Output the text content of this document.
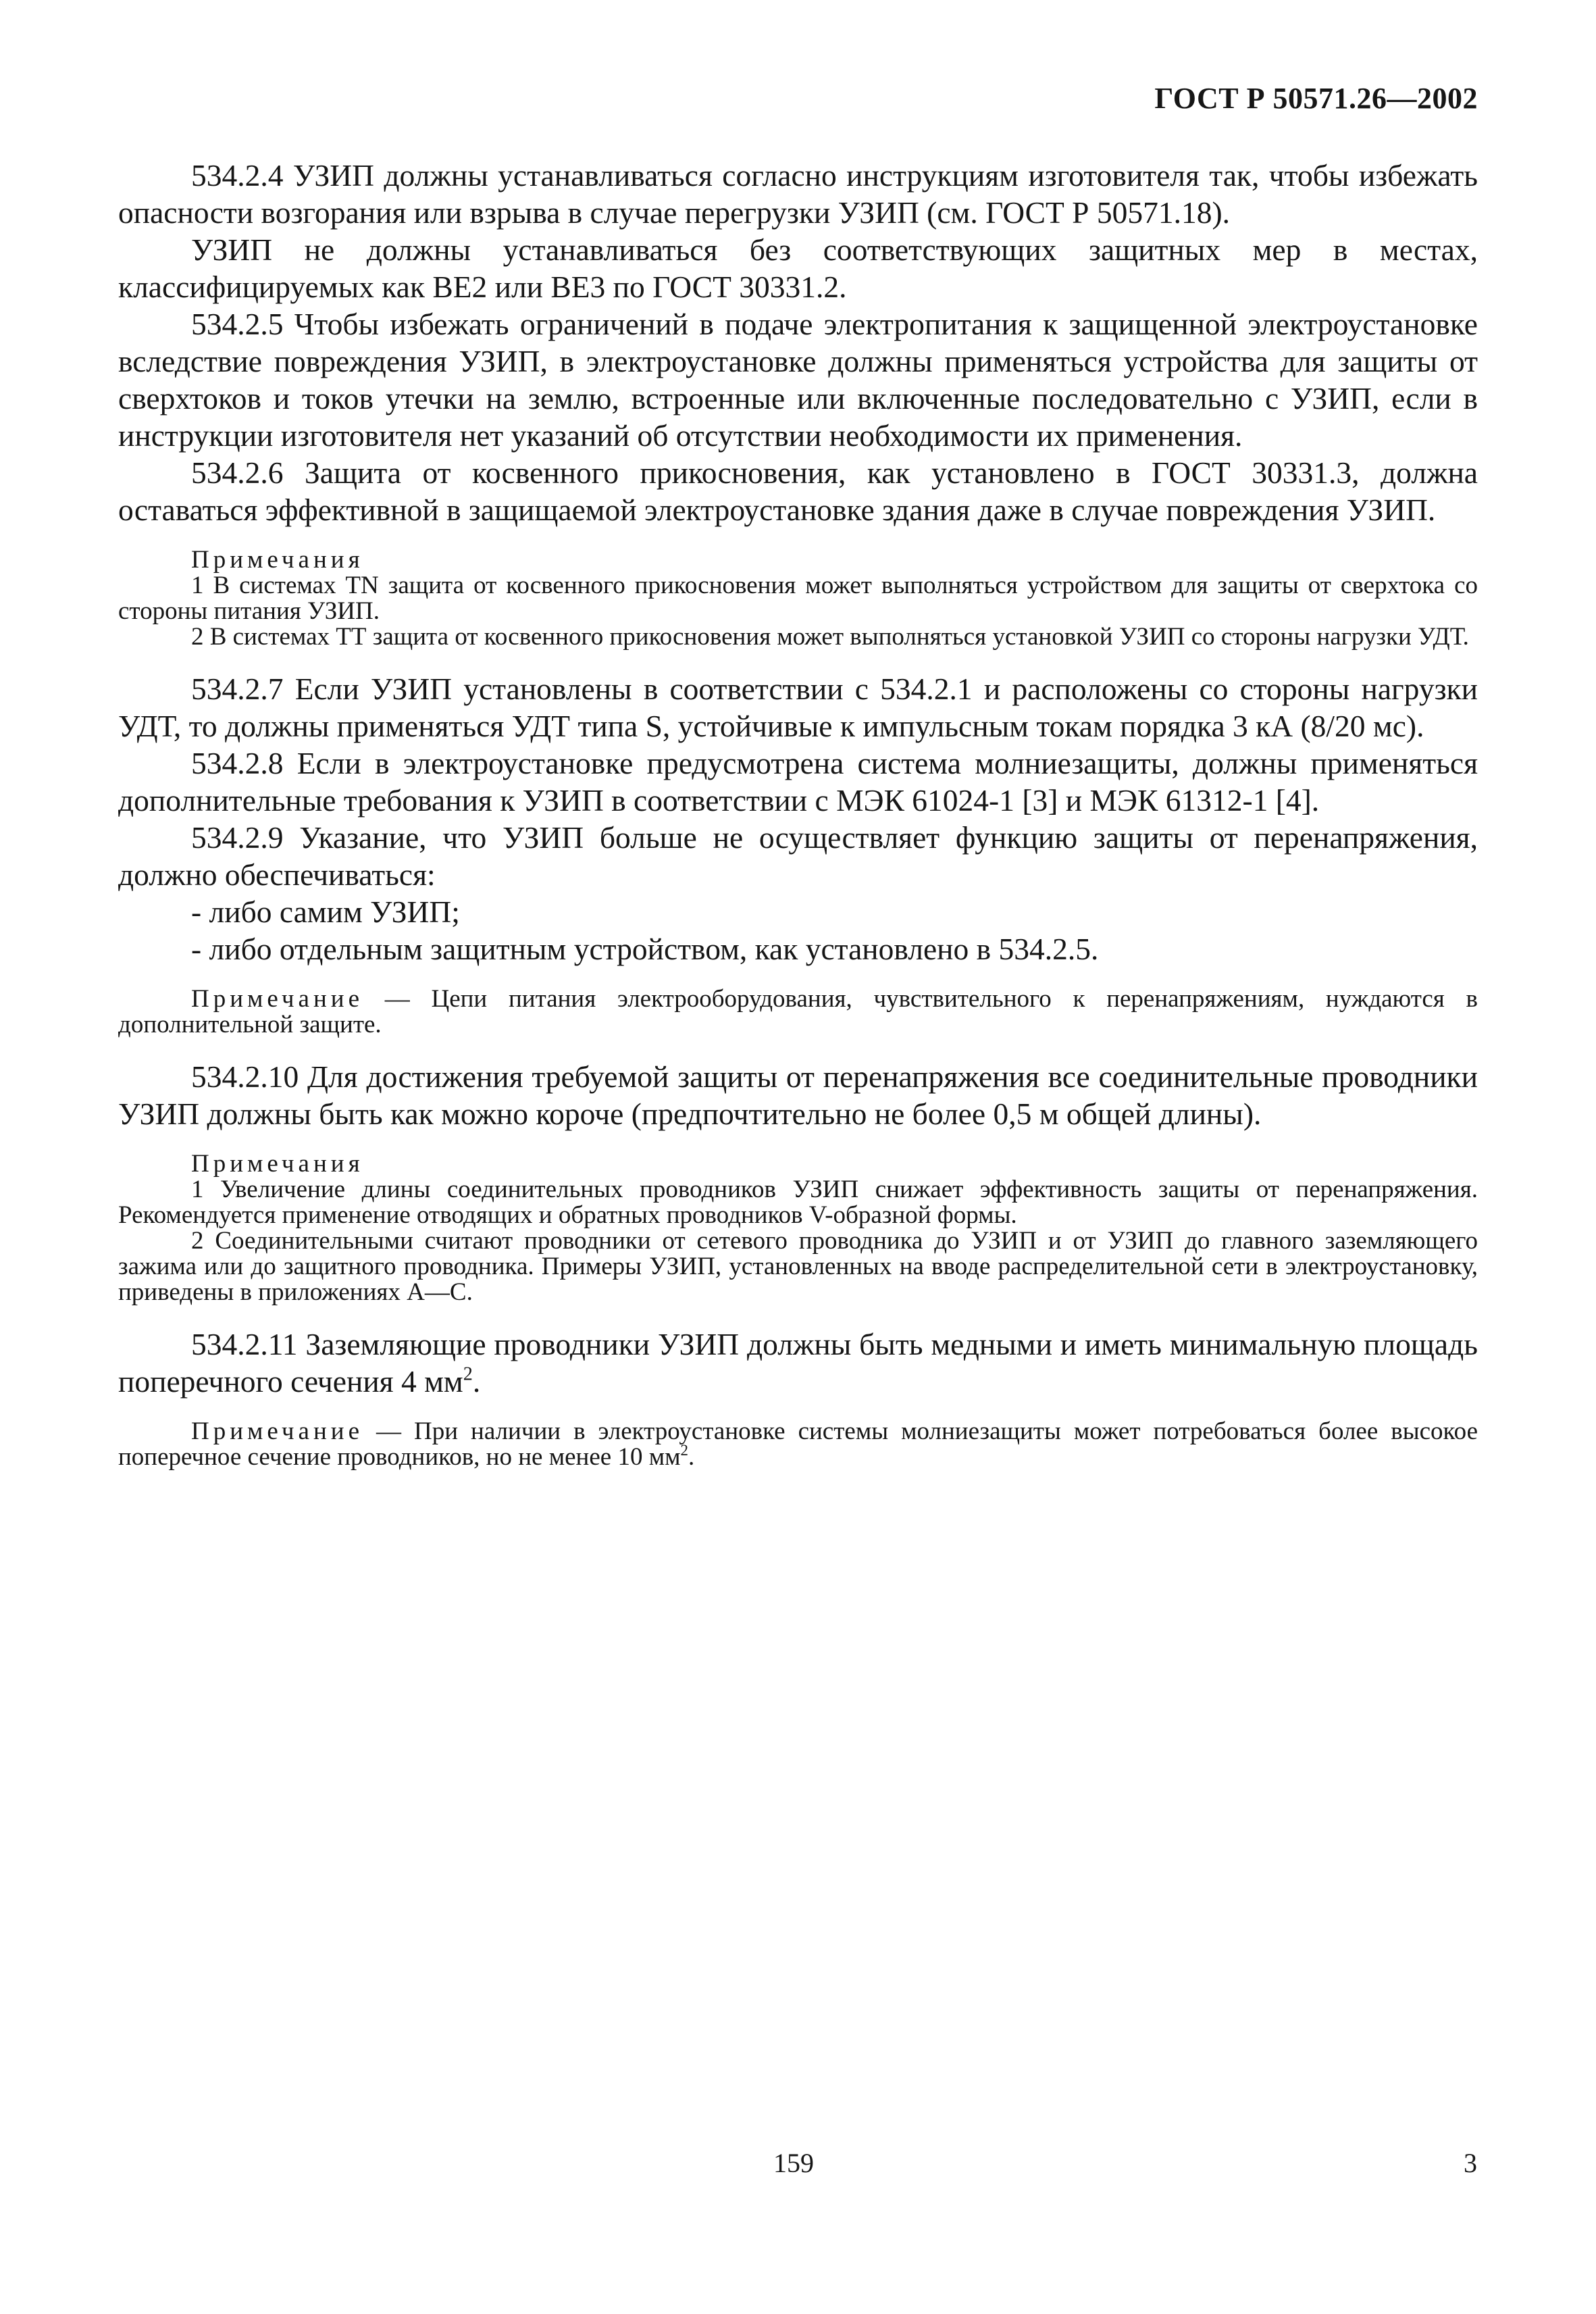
ГОСТ Р 50571.26—2002

534.2.4 УЗИП должны устанавливаться согласно инструкциям изготовителя так, чтобы избежать опасности возгорания или взрыва в случае перегрузки УЗИП (см. ГОСТ Р 50571.18).

УЗИП не должны устанавливаться без соответствующих защитных мер в местах, классифицируемых как ВЕ2 или ВЕ3 по ГОСТ 30331.2.

534.2.5 Чтобы избежать ограничений в подаче электропитания к защищенной электроустановке вследствие повреждения УЗИП, в электроустановке должны применяться устройства для защиты от сверхтоков и токов утечки на землю, встроенные или включенные последовательно с УЗИП, если в инструкции изготовителя нет указаний об отсутствии необходимости их применения.

534.2.6 Защита от косвенного прикосновения, как установлено в ГОСТ 30331.3, должна оставаться эффективной в защищаемой электроустановке здания даже в случае повреждения УЗИП.

Примечания

1 В системах TN защита от косвенного прикосновения может выполняться устройством для защиты от сверхтока со стороны питания УЗИП.

2 В системах ТТ защита от косвенного прикосновения может выполняться установкой УЗИП со стороны нагрузки УДТ.

534.2.7 Если УЗИП установлены в соответствии с 534.2.1 и расположены со стороны нагрузки УДТ, то должны применяться УДТ типа S, устойчивые к импульсным токам порядка 3 кА (8/20 мс).

534.2.8 Если в электроустановке предусмотрена система молниезащиты, должны применяться дополнительные требования к УЗИП в соответствии с МЭК 61024-1 [3] и МЭК 61312-1 [4].

534.2.9 Указание, что УЗИП больше не осуществляет функцию защиты от перенапряжения, должно обеспечиваться:

- либо самим УЗИП;

- либо отдельным защитным устройством, как установлено в 534.2.5.

Примечание — Цепи питания электрооборудования, чувствительного к перенапряжениям, нуждаются в дополнительной защите.

534.2.10 Для достижения требуемой защиты от перенапряжения все соединительные проводники УЗИП должны быть как можно короче (предпочтительно не более 0,5 м общей длины).

Примечания

1 Увеличение длины соединительных проводников УЗИП снижает эффективность защиты от перенапряжения. Рекомендуется применение отводящих и обратных проводников V-образной формы.

2 Соединительными считают проводники от сетевого проводника до УЗИП и от УЗИП до главного заземляющего зажима или до защитного проводника. Примеры УЗИП, установленных на вводе распределительной сети в электроустановку, приведены в приложениях А—С.

534.2.11 Заземляющие проводники УЗИП должны быть медными и иметь минимальную площадь поперечного сечения 4 $мм^2$.

Примечание — При наличии в электроустановке системы молниезащиты может потребоваться более высокое поперечное сечение проводников, но не менее 10 $мм^2$.

159	3
